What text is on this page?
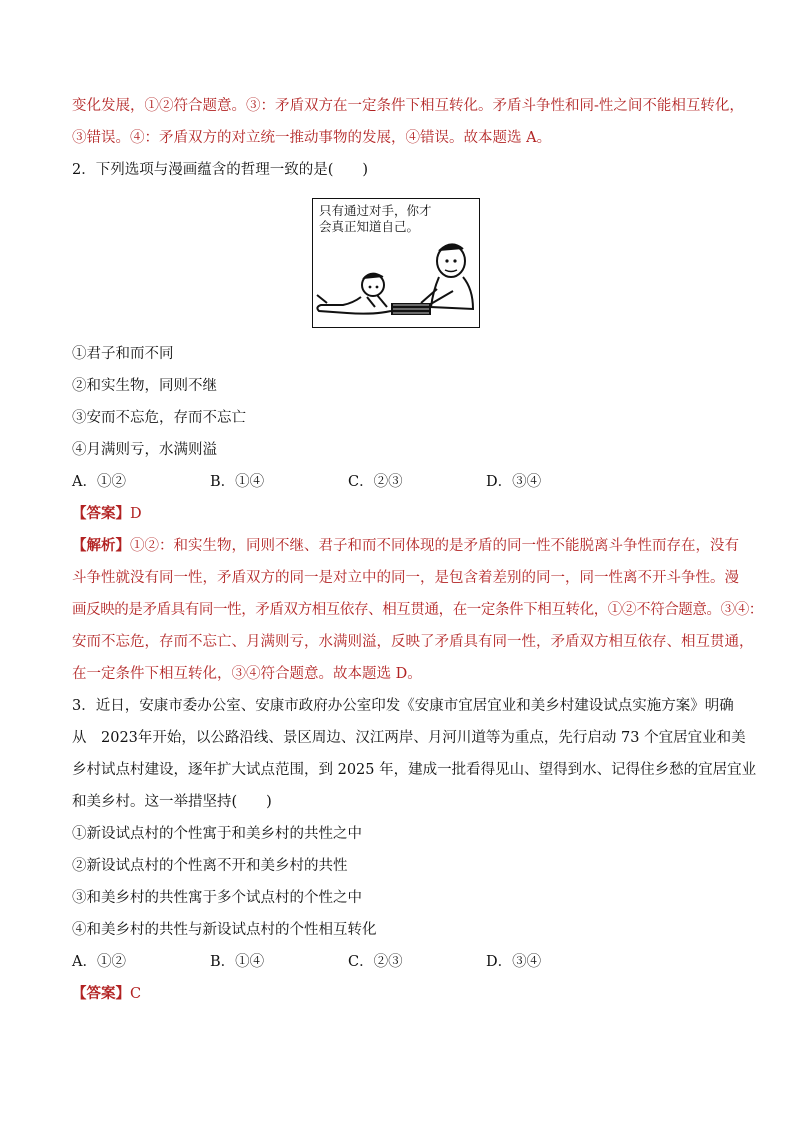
变化发展，①②符合题意。③：矛盾双方在一定条件下相互转化。矛盾斗争性和同-性之间不能相互转化，
③错误。④：矛盾双方的对立统一推动事物的发展，④错误。故本题选 A。
2．下列选项与漫画蕴含的哲理一致的是(　　)
①君子和而不同
②和实生物，同则不继
③安而不忘危，存而不忘亡
④月满则亏，水满则溢
A．①②	B．①④	C．②③	D．③④
【答案】D
【解析】①②：和实生物，同则不继、君子和而不同体现的是矛盾的同一性不能脱离斗争性而存在，没有
斗争性就没有同一性，矛盾双方的同一是对立中的同一，是包含着差别的同一，同一性离不开斗争性。漫
画反映的是矛盾具有同一性，矛盾双方相互依存、相互贯通，在一定条件下相互转化，①②不符合题意。③④：
安而不忘危，存而不忘亡、月满则亏，水满则溢，反映了矛盾具有同一性，矛盾双方相互依存、相互贯通，
在一定条件下相互转化，③④符合题意。故本题选 D。
3．近日，安康市委办公室、安康市政府办公室印发《安康市宜居宜业和美乡村建设试点实施方案》明确
从　2023年开始，以公路沿线、景区周边、汉江两岸、月河川道等为重点，先行启动 73 个宜居宜业和美
乡村试点村建设，逐年扩大试点范围，到 2025 年，建成一批看得见山、望得到水、记得住乡愁的宜居宜业
和美乡村。这一举措坚持(　　)
①新设试点村的个性寓于和美乡村的共性之中
②新设试点村的个性离不开和美乡村的共性
③和美乡村的共性寓于多个试点村的个性之中
④和美乡村的共性与新设试点村的个性相互转化
A．①②	B．①④	C．②③	D．③④
【答案】C
只有通过对手，你才
会真正知道自己。
